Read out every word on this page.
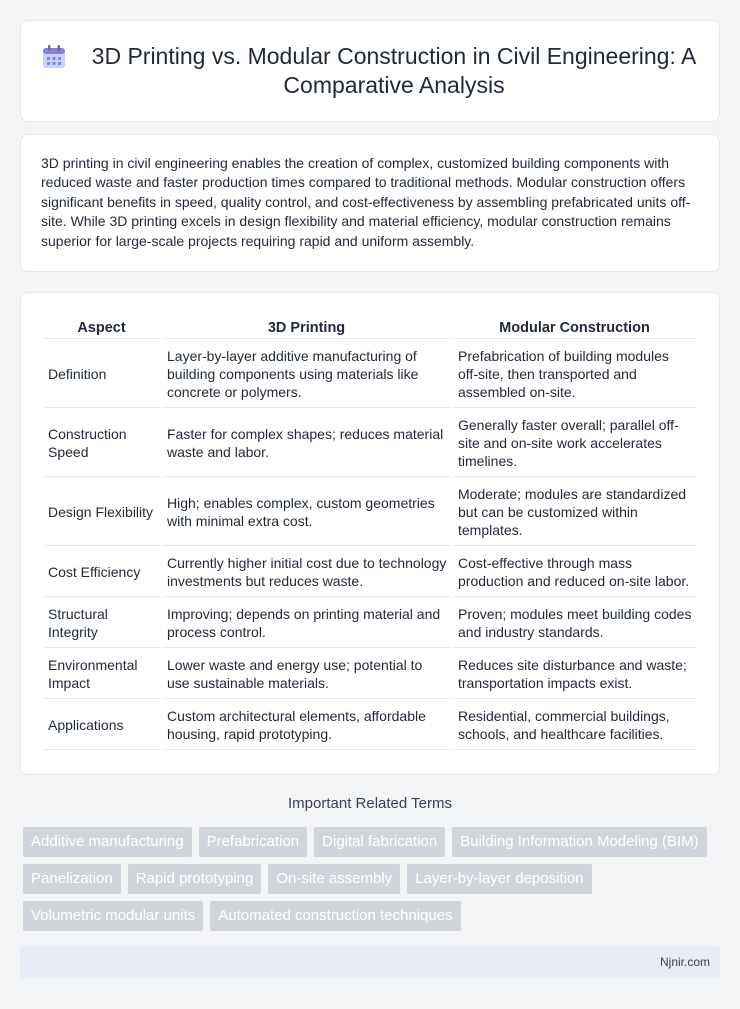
3D Printing vs. Modular Construction in Civil Engineering: A Comparative Analysis

3D printing in civil engineering enables the creation of complex, customized building components with reduced waste and faster production times compared to traditional methods. Modular construction offers significant benefits in speed, quality control, and cost-effectiveness by assembling prefabricated units off-site. While 3D printing excels in design flexibility and material efficiency, modular construction remains superior for large-scale projects requiring rapid and uniform assembly.

Aspect	3D Printing	Modular Construction
Definition	Layer-by-layer additive manufacturing of building components using materials like concrete or polymers.	Prefabrication of building modules off-site, then transported and assembled on-site.
Construction Speed	Faster for complex shapes; reduces material waste and labor.	Generally faster overall; parallel off-site and on-site work accelerates timelines.
Design Flexibility	High; enables complex, custom geometries with minimal extra cost.	Moderate; modules are standardized but can be customized within templates.
Cost Efficiency	Currently higher initial cost due to technology investments but reduces waste.	Cost-effective through mass production and reduced on-site labor.
Structural Integrity	Improving; depends on printing material and process control.	Proven; modules meet building codes and industry standards.
Environmental Impact	Lower waste and energy use; potential to use sustainable materials.	Reduces site disturbance and waste; transportation impacts exist.
Applications	Custom architectural elements, affordable housing, rapid prototyping.	Residential, commercial buildings, schools, and healthcare facilities.
Important Related Terms
Additive manufacturing	Prefabrication	Digital fabrication	Building Information Modeling (BIM)
Panelization	Rapid prototyping	On-site assembly	Layer-by-layer deposition
Volumetric modular units	Automated construction techniques
Njnir.com
